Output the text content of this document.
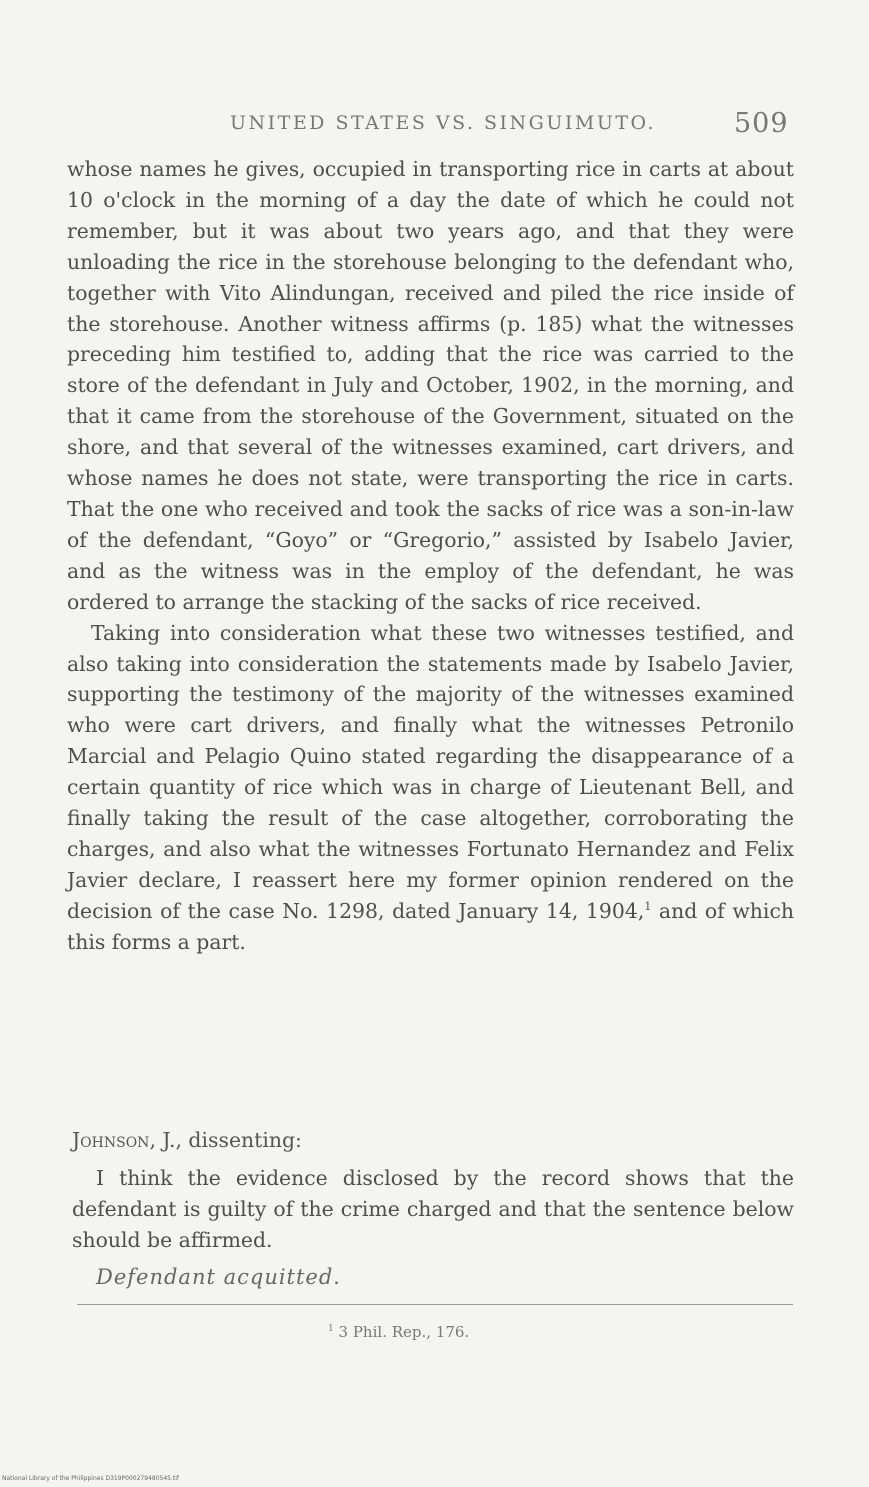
UNITED STATES VS. SINGUIMUTO.	509

whose names he gives, occupied in transporting rice in carts at about 10 o'clock in the morning of a day the date of which he could not remember, but it was about two years ago, and that they were unloading the rice in the storehouse belonging to the defendant who, together with Vito Alindungan, received and piled the rice inside of the storehouse. Another witness affirms (p. 185) what the witnesses preceding him testified to, adding that the rice was carried to the store of the defendant in July and October, 1902, in the morning, and that it came from the storehouse of the Government, situated on the shore, and that several of the witnesses examined, cart drivers, and whose names he does not state, were transporting the rice in carts. That the one who received and took the sacks of rice was a son-in-law of the defendant, “Goyo” or “Gregorio,” assisted by Isabelo Javier, and as the witness was in the employ of the defendant, he was ordered to arrange the stacking of the sacks of rice received.

Taking into consideration what these two witnesses testified, and also taking into consideration the statements made by Isabelo Javier, supporting the testimony of the majority of the witnesses examined who were cart drivers, and finally what the witnesses Petronilo Marcial and Pelagio Quino stated regarding the disappearance of a certain quantity of rice which was in charge of Lieutenant Bell, and finally taking the result of the case altogether, corroborating the charges, and also what the witnesses Fortunato Hernandez and Felix Javier declare, I reassert here my former opinion rendered on the decision of the case No. 1298, dated January 14, 1904,$^1$ and of which this forms a part.

Johnson, J., dissenting:

I think the evidence disclosed by the record shows that the defendant is guilty of the crime charged and that the sentence below should be affirmed.

Defendant acquitted.
$^1$ 3 Phil. Rep., 176.
National Library of the Philippines D319P000279480545.tif
